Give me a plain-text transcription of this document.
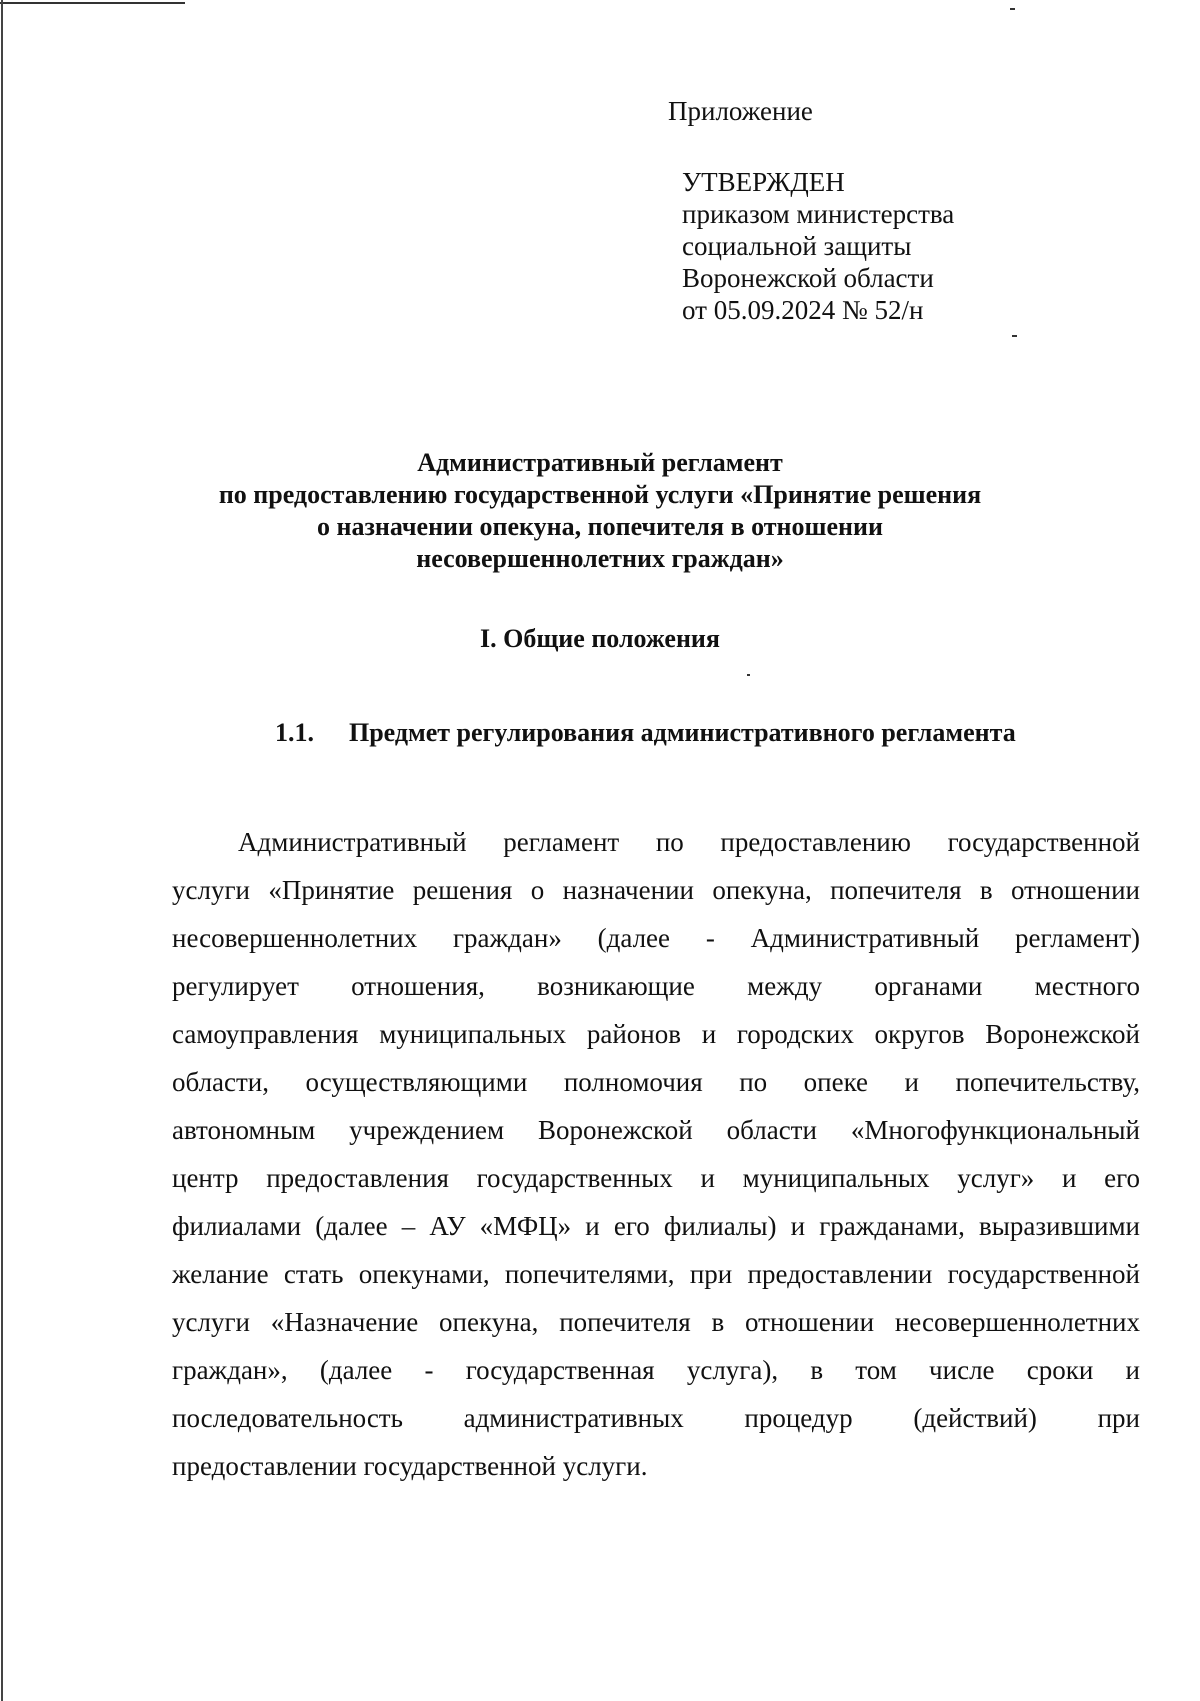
Приложение
УТВЕРЖДЕН
приказом министерства
социальной защиты
Воронежской области
от 05.09.2024 № 52/н
Административный регламент
по предоставлению государственной услуги «Принятие решения
о назначении опекуна, попечителя в отношении
несовершеннолетних граждан»
I. Общие положения
1.1. Предмет регулирования административного регламента
Административный регламент по предоставлению государственной
услуги «Принятие решения о назначении опекуна, попечителя в отношении
несовершеннолетних граждан» (далее - Административный регламент)
регулирует отношения, возникающие между органами местного
самоуправления муниципальных районов и городских округов Воронежской
области, осуществляющими полномочия по опеке и попечительству,
автономным учреждением Воронежской области «Многофункциональный
центр предоставления государственных и муниципальных услуг» и его
филиалами (далее – АУ «МФЦ» и его филиалы) и гражданами, выразившими
желание стать опекунами, попечителями, при предоставлении государственной
услуги «Назначение опекуна, попечителя в отношении несовершеннолетних
граждан», (далее - государственная услуга), в том числе сроки и
последовательность административных процедур (действий) при
предоставлении государственной услуги.
